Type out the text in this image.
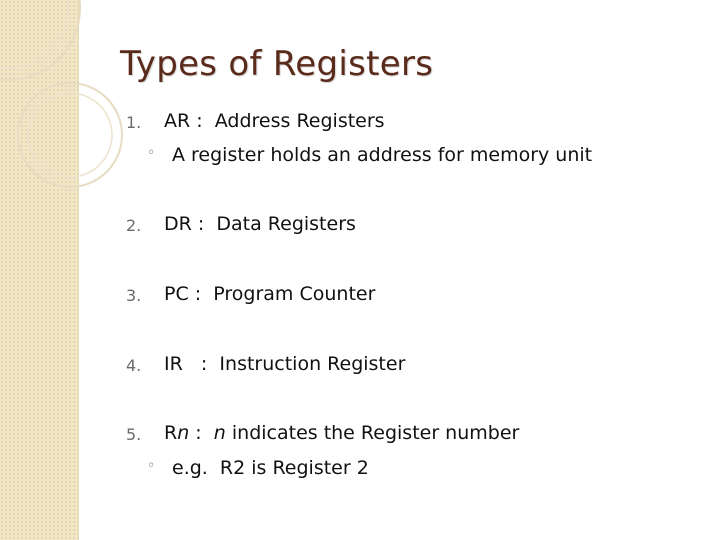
Types of Registers
1. AR :  Address Registers
◦ A register holds an address for memory unit
2. DR :  Data Registers
3. PC :  Program Counter
4. IR   :  Instruction Register
5. Rn :  n indicates the Register number
◦ e.g.  R2 is Register 2
